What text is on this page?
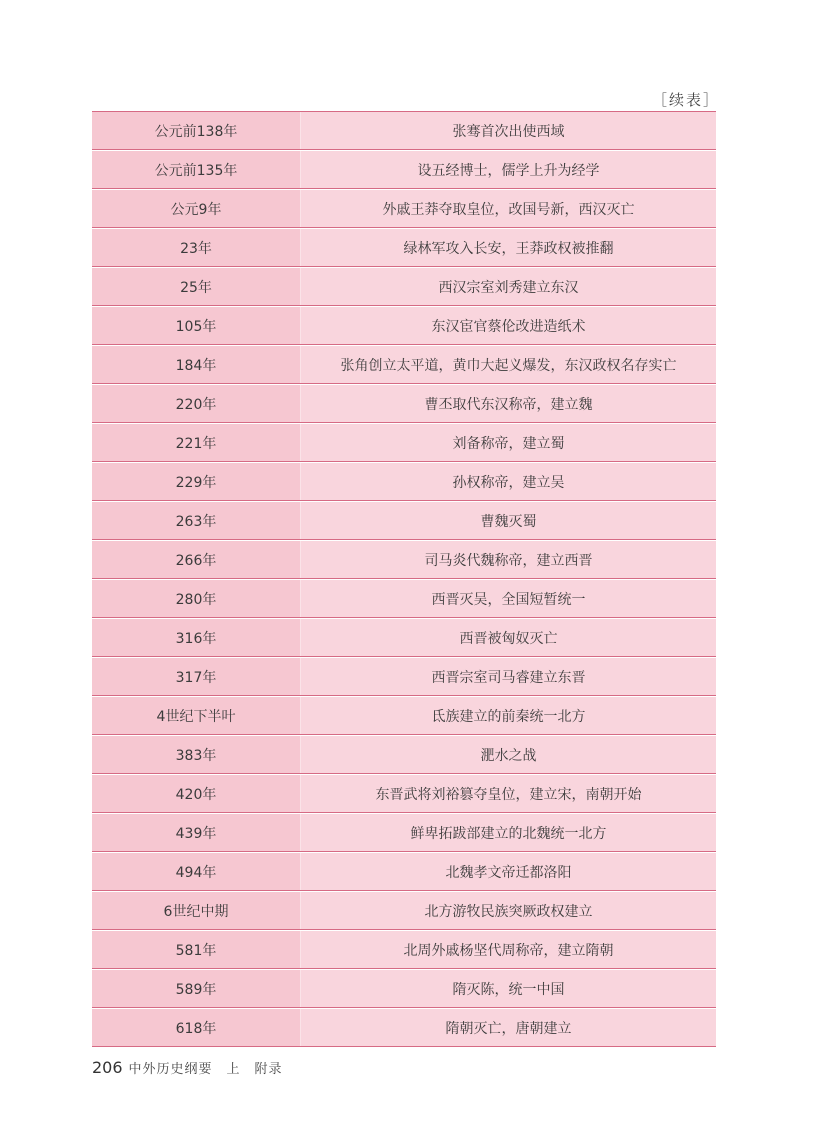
［续表］
公元前138年	张骞首次出使西域
公元前135年	设五经博士，儒学上升为经学
公元9年	外戚王莽夺取皇位，改国号新，西汉灭亡
23年	绿林军攻入长安，王莽政权被推翻
25年	西汉宗室刘秀建立东汉
105年	东汉宦官蔡伦改进造纸术
184年	张角创立太平道，黄巾大起义爆发，东汉政权名存实亡
220年	曹丕取代东汉称帝，建立魏
221年	刘备称帝，建立蜀
229年	孙权称帝，建立吴
263年	曹魏灭蜀
266年	司马炎代魏称帝，建立西晋
280年	西晋灭吴，全国短暂统一
316年	西晋被匈奴灭亡
317年	西晋宗室司马睿建立东晋
4世纪下半叶	氐族建立的前秦统一北方
383年	淝水之战
420年	东晋武将刘裕篡夺皇位，建立宋，南朝开始
439年	鲜卑拓跋部建立的北魏统一北方
494年	北魏孝文帝迁都洛阳
6世纪中期	北方游牧民族突厥政权建立
581年	北周外戚杨坚代周称帝，建立隋朝
589年	隋灭陈，统一中国
618年	隋朝灭亡，唐朝建立
206 中外历史纲要　上　附录
